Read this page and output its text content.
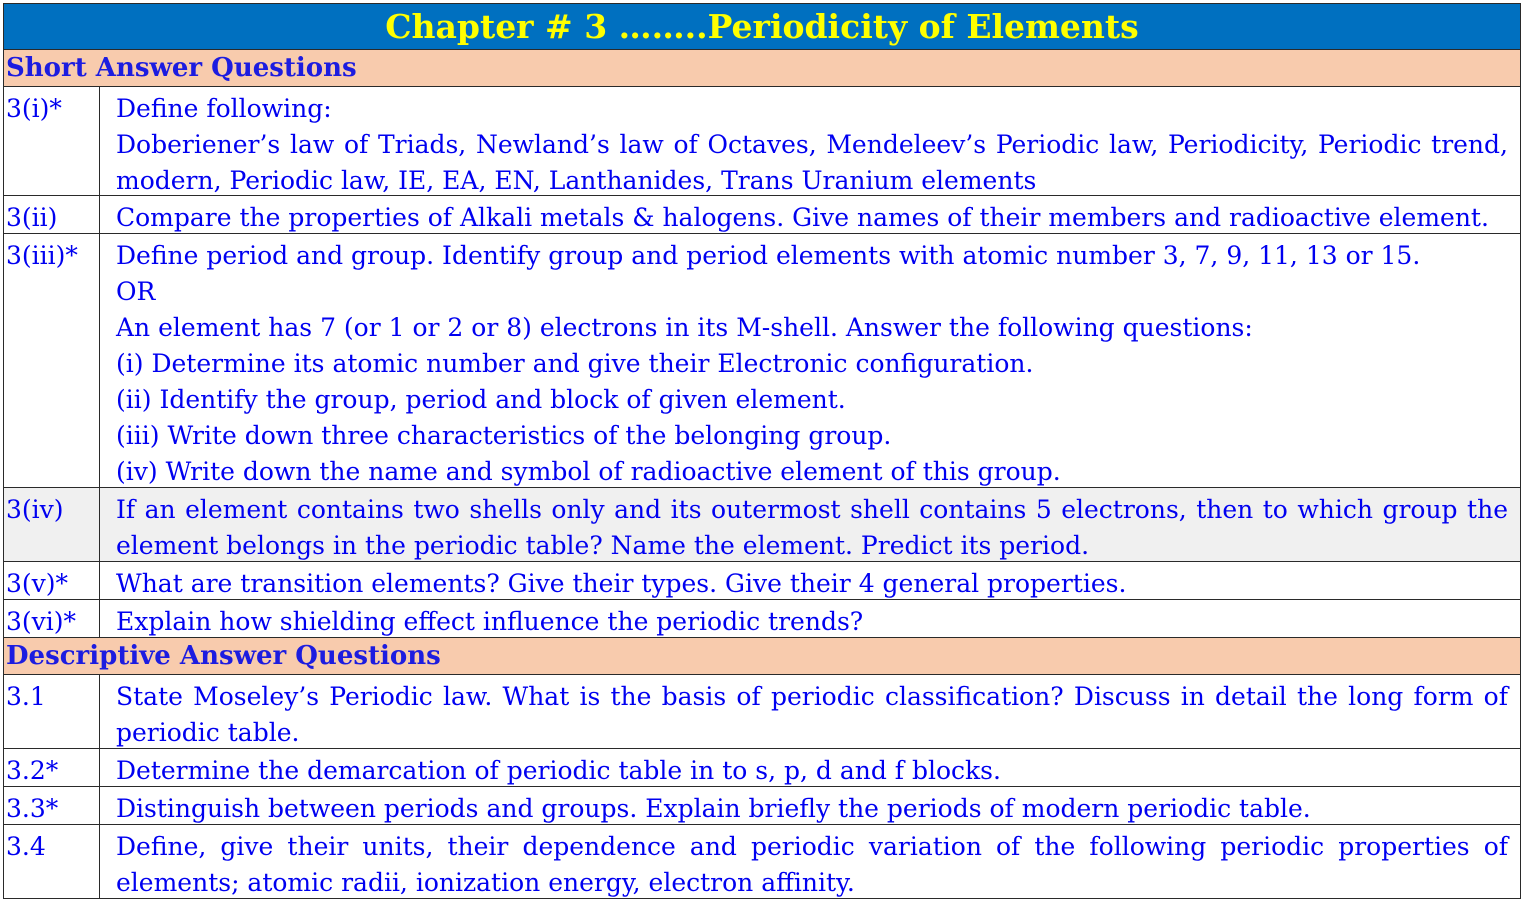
Chapter # 3 ……..Periodicity of Elements
Short Answer Questions
3(i)*	Define following:
Doberiener’s law of Triads, Newland’s law of Octaves, Mendeleev’s Periodic law, Periodicity, Periodic trend, modern, Periodic law, IE, EA, EN, Lanthanides, Trans Uranium elements
3(ii)	Compare the properties of Alkali metals & halogens. Give names of their members and radioactive element.
3(iii)*	Define period and group. Identify group and period elements with atomic number 3, 7, 9, 11, 13 or 15.
OR
An element has 7 (or 1 or 2 or 8) electrons in its M-shell. Answer the following questions:
(i) Determine its atomic number and give their Electronic configuration.
(ii) Identify the group, period and block of given element.
(iii) Write down three characteristics of the belonging group.
(iv) Write down the name and symbol of radioactive element of this group.
3(iv)	If an element contains two shells only and its outermost shell contains 5 electrons, then to which group the element belongs in the periodic table? Name the element. Predict its period.
3(v)*	What are transition elements? Give their types. Give their 4 general properties.
3(vi)*	Explain how shielding effect influence the periodic trends?
Descriptive Answer Questions
3.1	State Moseley’s Periodic law. What is the basis of periodic classification? Discuss in detail the long form of periodic table.
3.2*	Determine the demarcation of periodic table in to s, p, d and f blocks.
3.3*	Distinguish between periods and groups. Explain briefly the periods of modern periodic table.
3.4	Define, give their units, their dependence and periodic variation of the following periodic properties of elements; atomic radii, ionization energy, electron affinity.
